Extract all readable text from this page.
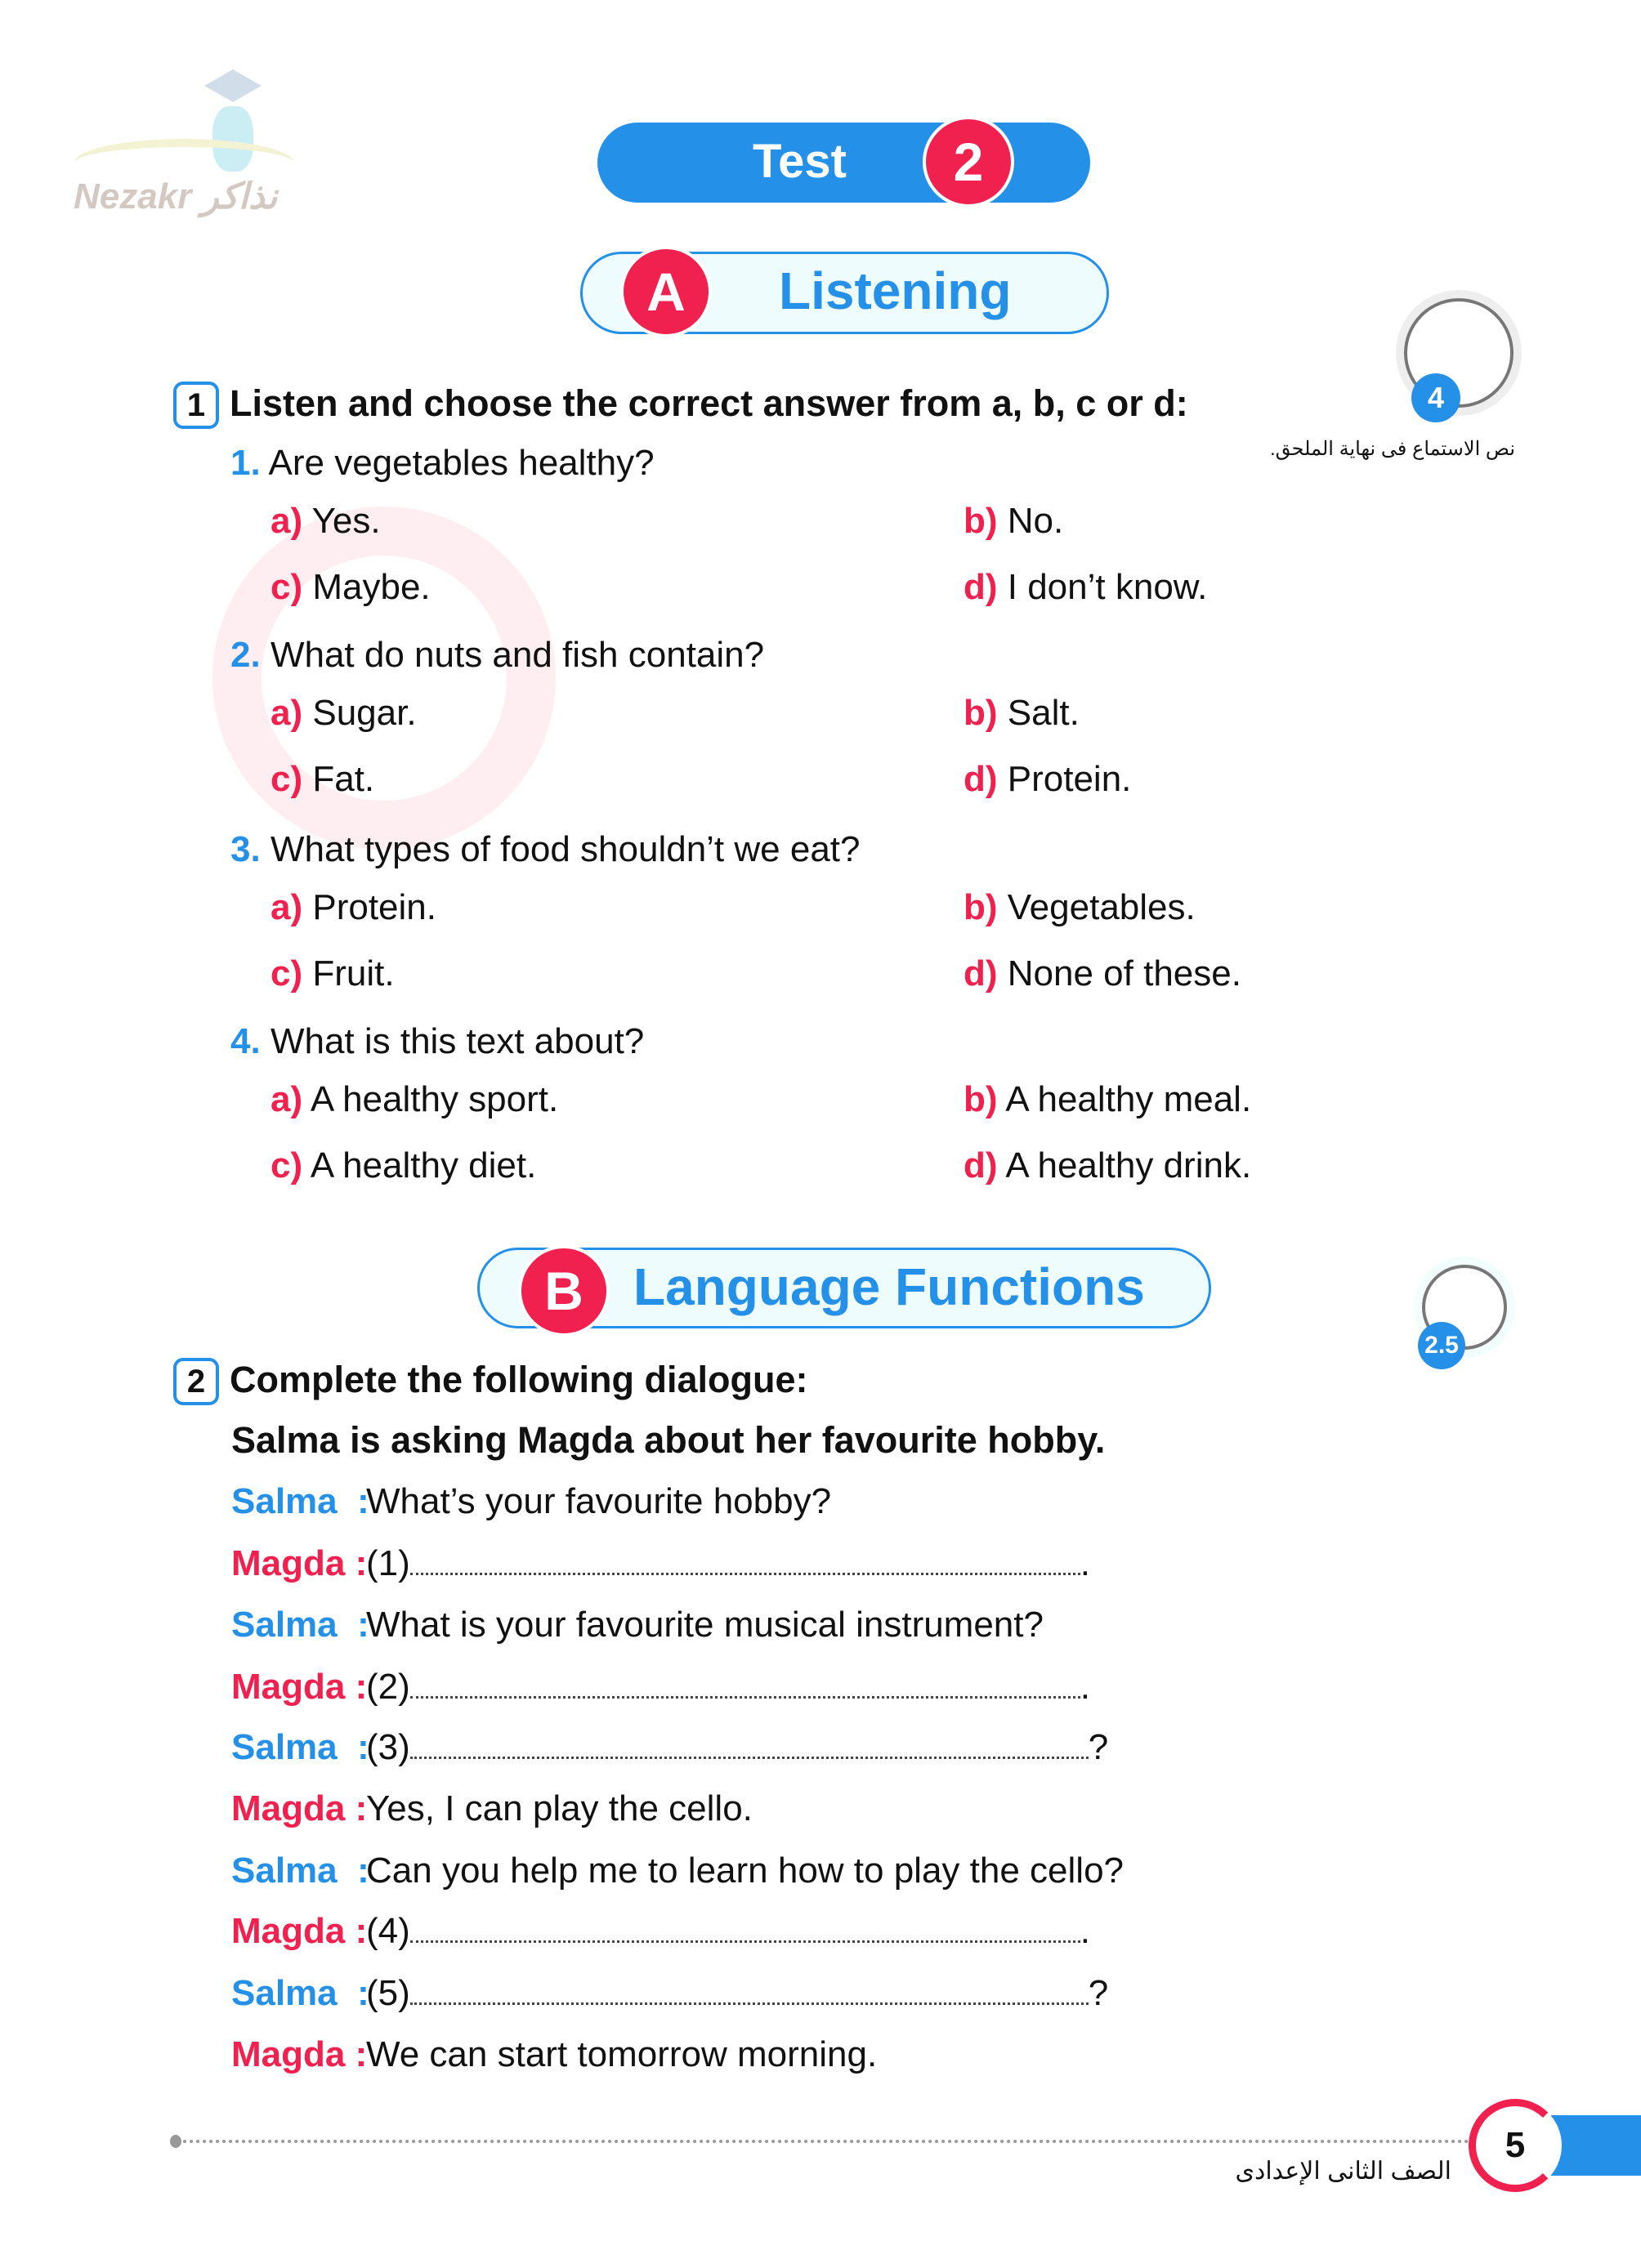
Nezakr نذاكر
Test	2
A	Listening
4
نص الاستماع فى نهاية الملحق.
1 Listen and choose the correct answer from a, b, c or d:
1. Are vegetables healthy?
a) Yes.	b) No.
c) Maybe.	d) I don’t know.
2. What do nuts and fish contain?
a) Sugar.	b) Salt.
c) Fat.	d) Protein.
3. What types of food shouldn’t we eat?
a) Protein.	b) Vegetables.
c) Fruit.	d) None of these.
4. What is this text about?
a) A healthy sport.	b) A healthy meal.
c) A healthy diet.	d) A healthy drink.
B Language Functions
2.5
2 Complete the following dialogue:
Salma is asking Magda about her favourite hobby.
Salma :What’s your favourite hobby?
Magda :(1)	.
Salma :What is your favourite musical instrument?
Magda :(2)	.
Salma :(3)	?
Magda :Yes, I can play the cello.
Salma :Can you help me to learn how to play the cello?
Magda :(4)	.
Salma :(5)	?
Magda :We can start tomorrow morning.
5
الصف الثانى الإعدادى
